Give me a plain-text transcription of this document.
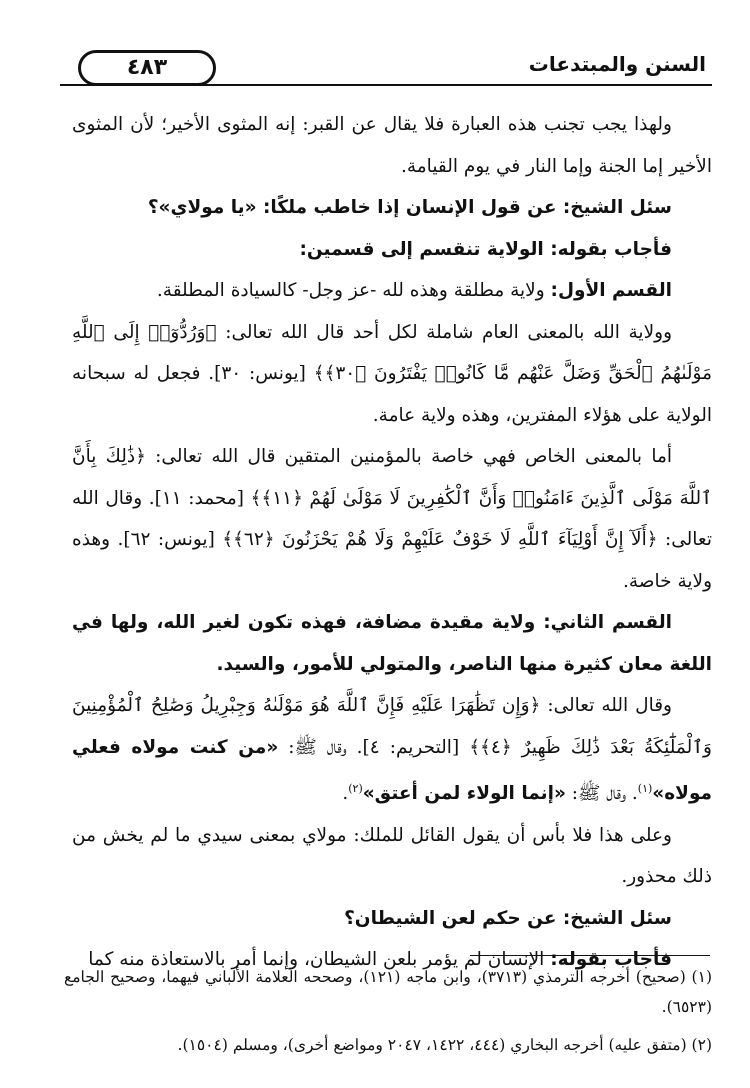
٤٨٣	السنن والمبتدعات

ولهذا يجب تجنب هذه العبارة فلا يقال عن القبر: إنه المثوى الأخير؛ لأن المثوى الأخير إما الجنة وإما النار في يوم القيامة.

سئل الشيخ: عن قول الإنسان إذا خاطب ملكًا: «يا مولاي»؟

فأجاب بقوله: الولاية تنقسم إلى قسمين:

القسم الأول: ولاية مطلقة وهذه لله -عز وجل- كالسيادة المطلقة.

وولاية الله بالمعنى العام شاملة لكل أحد قال الله تعالى: ﴿وَرُدُّوٓا۟ إِلَى ٱللَّهِ مَوْلَىٰهُمُ ٱلْحَقِّ وَضَلَّ عَنْهُم مَّا كَانُوا۟ يَفْتَرُونَ ﴿٣٠﴾﴾ [يونس: ٣٠]. فجعل له سبحانه الولاية على هؤلاء المفترين، وهذه ولاية عامة.

أما بالمعنى الخاص فهي خاصة بالمؤمنين المتقين قال الله تعالى: ﴿ذَٰلِكَ بِأَنَّ ٱللَّهَ مَوْلَى ٱلَّذِينَ ءَامَنُوا۟ وَأَنَّ ٱلْكَٰفِرِينَ لَا مَوْلَىٰ لَهُمْ ﴿١١﴾﴾ [محمد: ١١]. وقال الله تعالى: ﴿أَلَآ إِنَّ أَوْلِيَآءَ ٱللَّهِ لَا خَوْفٌ عَلَيْهِمْ وَلَا هُمْ يَحْزَنُونَ ﴿٦٢﴾﴾ [يونس: ٦٢]. وهذه ولاية خاصة.

القسم الثاني: ولاية مقيدة مضافة، فهذه تكون لغير الله، ولها في اللغة معان كثيرة منها الناصر، والمتولي للأمور، والسيد.

وقال الله تعالى: ﴿وَإِن تَظَٰهَرَا عَلَيْهِ فَإِنَّ ٱللَّهَ هُوَ مَوْلَىٰهُ وَجِبْرِيلُ وَصَٰلِحُ ٱلْمُؤْمِنِينَ وَٱلْمَلَٰٓئِكَةُ بَعْدَ ذَٰلِكَ ظَهِيرٌ ﴿٤﴾﴾ [التحريم: ٤]. وقال ﷺ: «من كنت مولاه فعلي مولاه»$^{(١)}$. وقال ﷺ: «إنما الولاء لمن أعتق»$^{(٢)}$.

وعلى هذا فلا بأس أن يقول القائل للملك: مولاي بمعنى سيدي ما لم يخش من ذلك محذور.

سئل الشيخ: عن حكم لعن الشيطان؟

فأجاب بقوله: الإنسان لم يؤمر بلعن الشيطان، وإنما أمر بالاستعاذة منه كما

(١) (صحيح) أخرجه الترمذي (٣٧١٣)، وابن ماجه (١٢١)، وصححه العلامة الألباني فيهما، وصحيح الجامع (٦٥٢٣).

(٢) (متفق عليه) أخرجه البخاري (٤٤٤، ١٤٢٢، ٢٠٤٧ ومواضع أخرى)، ومسلم (١٥٠٤).
